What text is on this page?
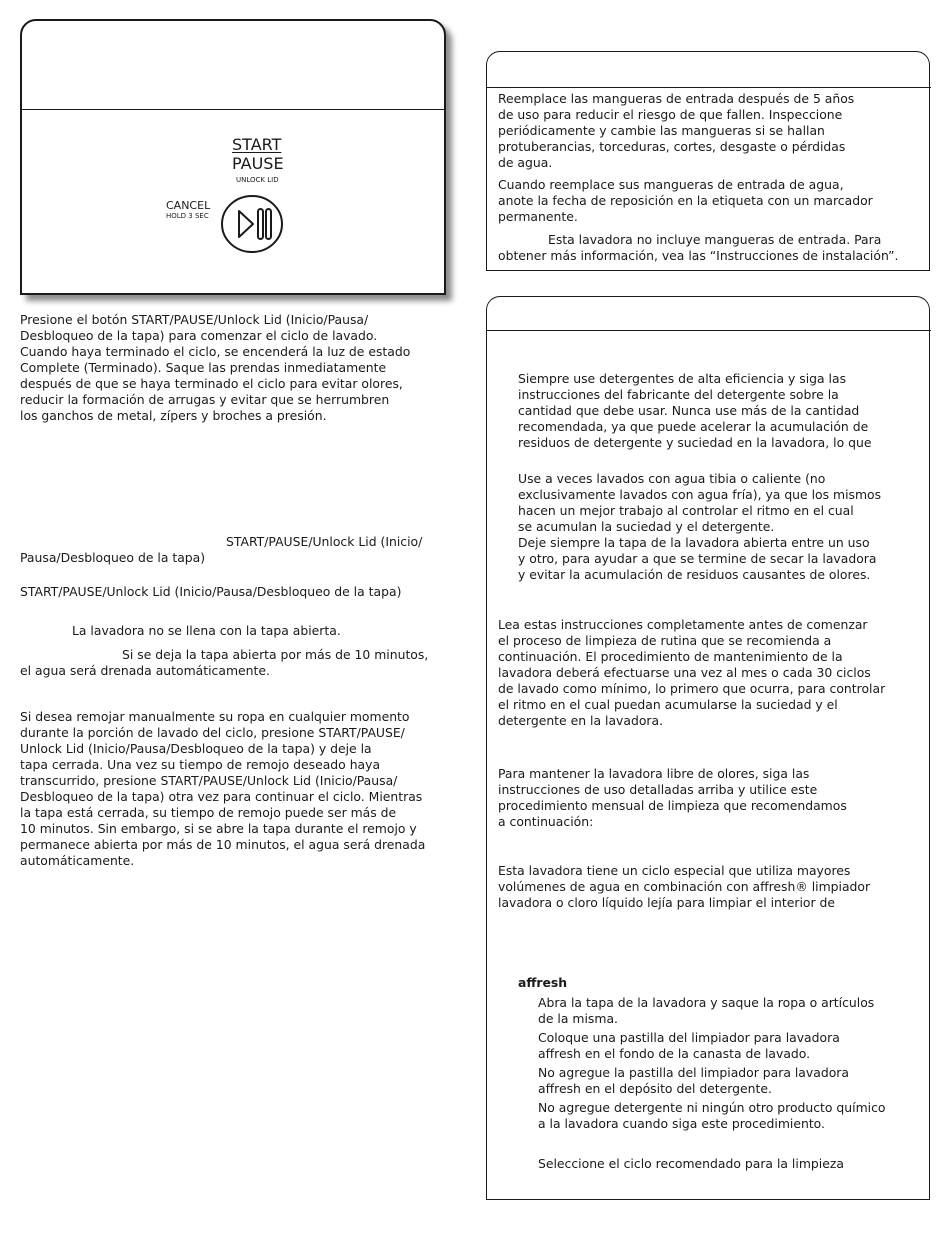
START
PAUSE
UNLOCK LID
CANCEL
HOLD 3 SEC

Presione el botón START/PAUSE/Unlock Lid (Inicio/Pausa/

Desbloqueo de la tapa) para comenzar el ciclo de lavado.

Cuando haya terminado el ciclo, se encenderá la luz de estado

Complete (Terminado). Saque las prendas inmediatamente

después de que se haya terminado el ciclo para evitar olores,

reducir la formación de arrugas y evitar que se herrumbren

los ganchos de metal, zípers y broches a presión.

START/PAUSE/Unlock Lid (Inicio/
Pausa/Desbloqueo de la tapa)
START/PAUSE/Unlock Lid (Inicio/Pausa/Desbloqueo de la tapa)
La lavadora no se llena con la tapa abierta.
Si se deja la tapa abierta por más de 10 minutos,
el agua será drenada automáticamente.

Si desea remojar manualmente su ropa en cualquier momento

durante la porción de lavado del ciclo, presione START/PAUSE/

Unlock Lid (Inicio/Pausa/Desbloqueo de la tapa) y deje la

tapa cerrada. Una vez su tiempo de remojo deseado haya

transcurrido, presione START/PAUSE/Unlock Lid (Inicio/Pausa/

Desbloqueo de la tapa) otra vez para continuar el ciclo. Mientras

la tapa está cerrada, su tiempo de remojo puede ser más de

10 minutos. Sin embargo, si se abre la tapa durante el remojo y

permanece abierta por más de 10 minutos, el agua será drenada

automáticamente.

Reemplace las mangueras de entrada después de 5 años

de uso para reducir el riesgo de que fallen. Inspeccione

periódicamente y cambie las mangueras si se hallan

protuberancias, torceduras, cortes, desgaste o pérdidas

de agua.

Cuando reemplace sus mangueras de entrada de agua,

anote la fecha de reposición en la etiqueta con un marcador

permanente.

Esta lavadora no incluye mangueras de entrada. Para
obtener más información, vea las “Instrucciones de instalación”.

Siempre use detergentes de alta eficiencia y siga las

instrucciones del fabricante del detergente sobre la

cantidad que debe usar. Nunca use más de la cantidad

recomendada, ya que puede acelerar la acumulación de

residuos de detergente y suciedad en la lavadora, lo que

Use a veces lavados con agua tibia o caliente (no

exclusivamente lavados con agua fría), ya que los mismos

hacen un mejor trabajo al controlar el ritmo en el cual

se acumulan la suciedad y el detergente.

Deje siempre la tapa de la lavadora abierta entre un uso

y otro, para ayudar a que se termine de secar la lavadora

y evitar la acumulación de residuos causantes de olores.

Lea estas instrucciones completamente antes de comenzar

el proceso de limpieza de rutina que se recomienda a

continuación. El procedimiento de mantenimiento de la

lavadora deberá efectuarse una vez al mes o cada 30 ciclos

de lavado como mínimo, lo primero que ocurra, para controlar

el ritmo en el cual puedan acumularse la suciedad y el

detergente en la lavadora.

Para mantener la lavadora libre de olores, siga las

instrucciones de uso detalladas arriba y utilice este

procedimiento mensual de limpieza que recomendamos

a continuación:

Esta lavadora tiene un ciclo especial que utiliza mayores

volúmenes de agua en combinación con affresh® limpiador

lavadora o cloro líquido lejía para limpiar el interior de

affresh

Abra la tapa de la lavadora y saque la ropa o artículos

de la misma.

Coloque una pastilla del limpiador para lavadora

affresh en el fondo de la canasta de lavado.

No agregue la pastilla del limpiador para lavadora

affresh en el depósito del detergente.

No agregue detergente ni ningún otro producto químico

a la lavadora cuando siga este procedimiento.

Seleccione el ciclo recomendado para la limpieza
